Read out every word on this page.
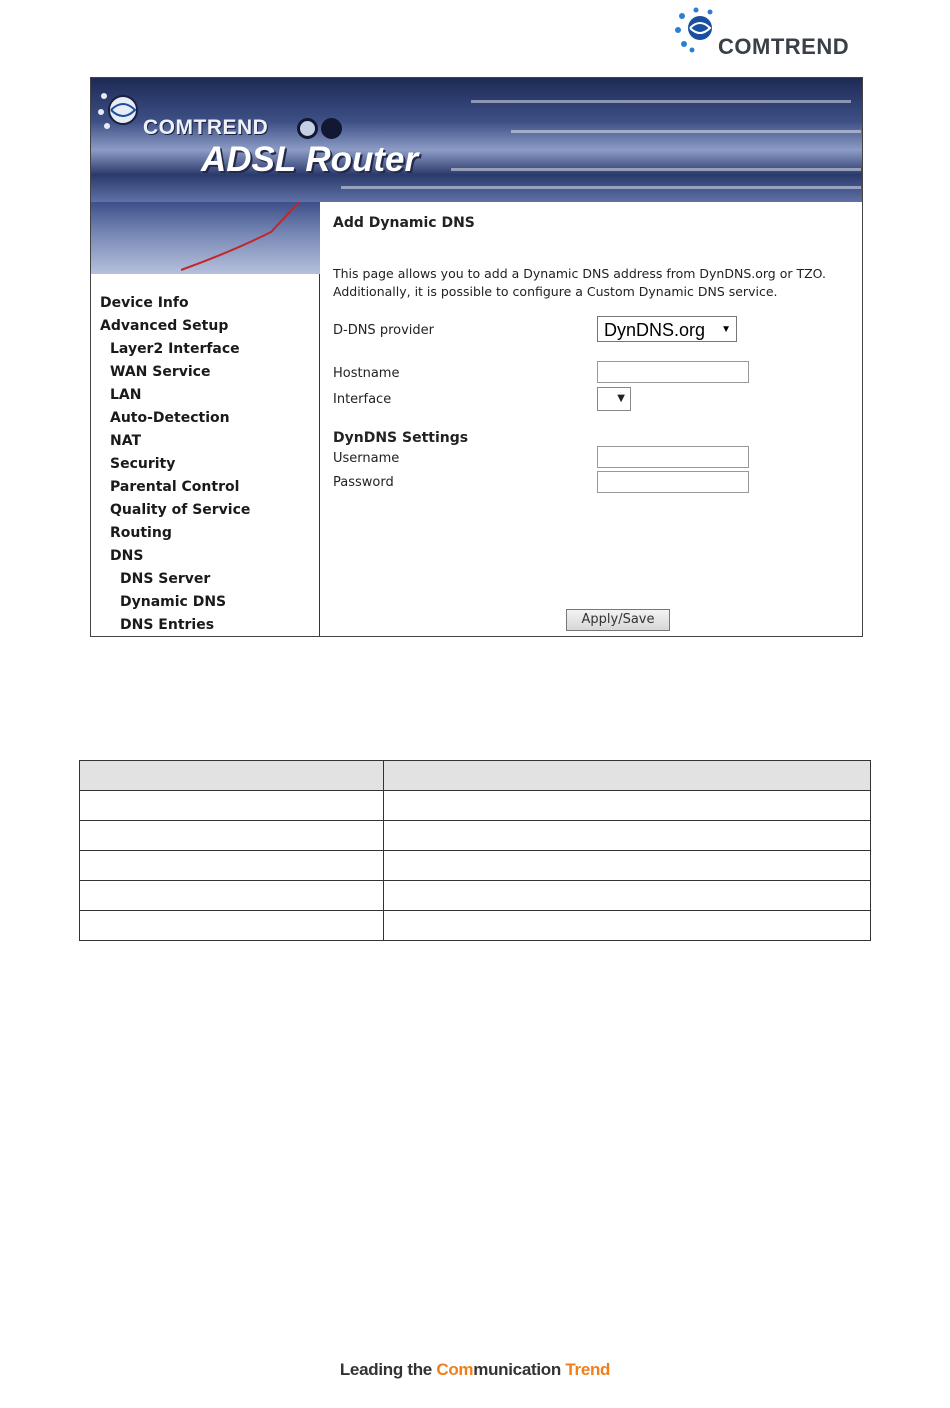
COMTREND
COMTREND
ADSL Router
Device Info
Advanced Setup
Layer2 Interface
WAN Service
LAN
Auto-Detection
NAT
Security
Parental Control
Quality of Service
Routing
DNS
DNS Server
Dynamic DNS
DNS Entries
Add Dynamic DNS
This page allows you to add a Dynamic DNS address from DynDNS.org or TZO.
Additionally, it is possible to configure a Custom Dynamic DNS service.
D-DNS provider	DynDNS.org ▼
Hostname
Interface	▼
DynDNS Settings
Username
Password
Apply/Save

Leading the Communication Trend
